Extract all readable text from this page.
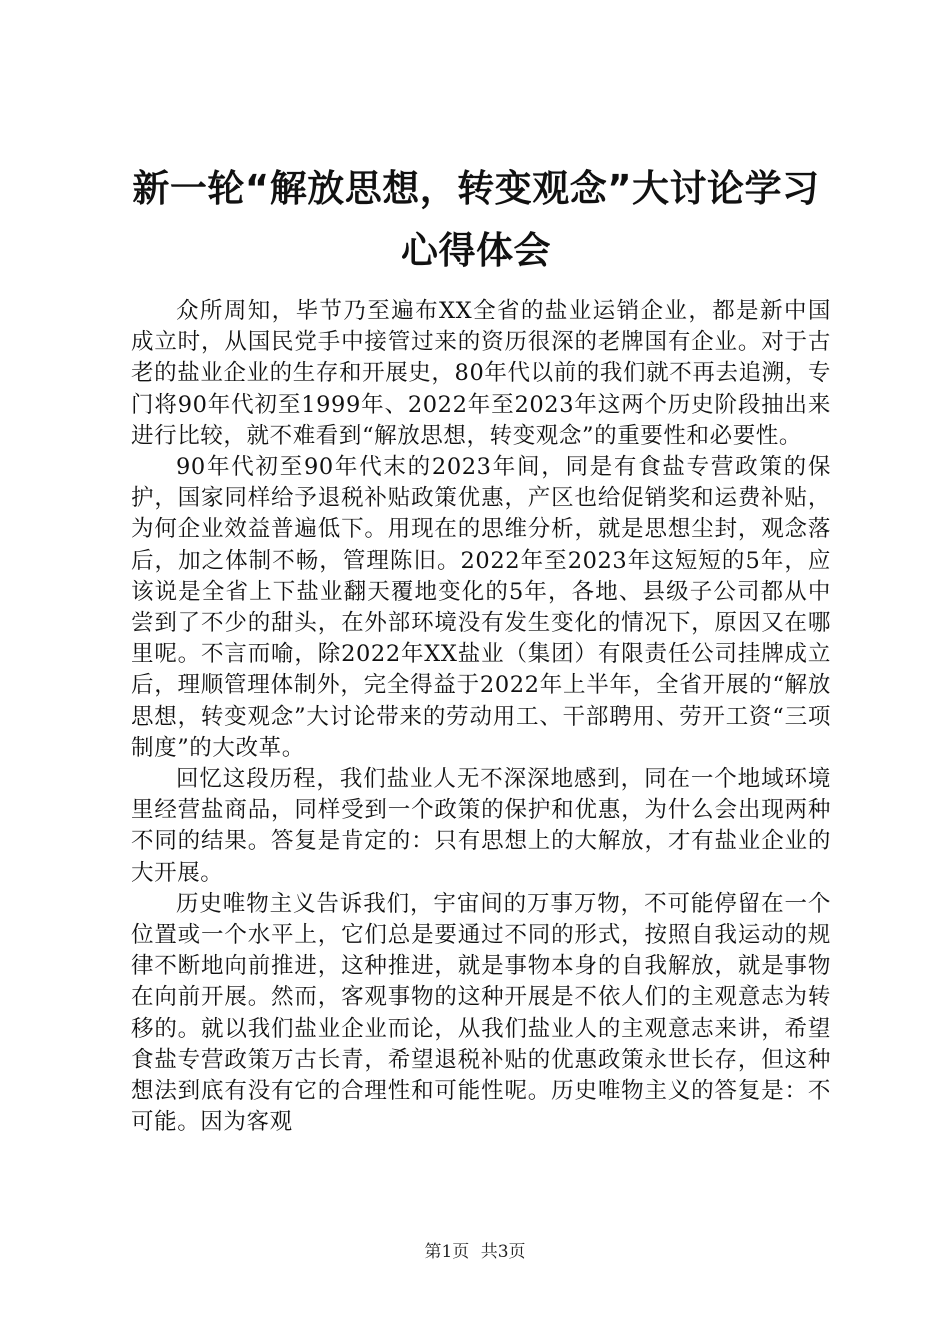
新一轮“解放思想，转变观念”大讨论学习心得体会

众所周知，毕节乃至遍布XX全省的盐业运销企业，都是新中国成立时，从国民党手中接管过来的资历很深的老牌国有企业。对于古老的盐业企业的生存和开展史，80年代以前的我们就不再去追溯，专门将90年代初至1999年、2022年至2023年这两个历史阶段抽出来进行比较，就不难看到“解放思想，转变观念”的重要性和必要性。

90年代初至90年代末的2023年间，同是有食盐专营政策的保护，国家同样给予退税补贴政策优惠，产区也给促销奖和运费补贴，为何企业效益普遍低下。用现在的思维分析，就是思想尘封，观念落后，加之体制不畅，管理陈旧。2022年至2023年这短短的5年，应该说是全省上下盐业翻天覆地变化的5年，各地、县级子公司都从中尝到了不少的甜头，在外部环境没有发生变化的情况下，原因又在哪里呢。不言而喻，除2022年XX盐业（集团）有限责任公司挂牌成立后，理顺管理体制外，完全得益于2022年上半年，全省开展的“解放思想，转变观念”大讨论带来的劳动用工、干部聘用、劳开工资“三项制度”的大改革。

回忆这段历程，我们盐业人无不深深地感到，同在一个地域环境里经营盐商品，同样受到一个政策的保护和优惠，为什么会出现两种不同的结果。答复是肯定的：只有思想上的大解放，才有盐业企业的大开展。

历史唯物主义告诉我们，宇宙间的万事万物，不可能停留在一个位置或一个水平上，它们总是要通过不同的形式，按照自我运动的规律不断地向前推进，这种推进，就是事物本身的自我解放，就是事物在向前开展。然而，客观事物的这种开展是不依人们的主观意志为转移的。就以我们盐业企业而论，从我们盐业人的主观意志来讲，希望食盐专营政策万古长青，希望退税补贴的优惠政策永世长存，但这种想法到底有没有它的合理性和可能性呢。历史唯物主义的答复是：不可能。因为客观

第1页 共3页
